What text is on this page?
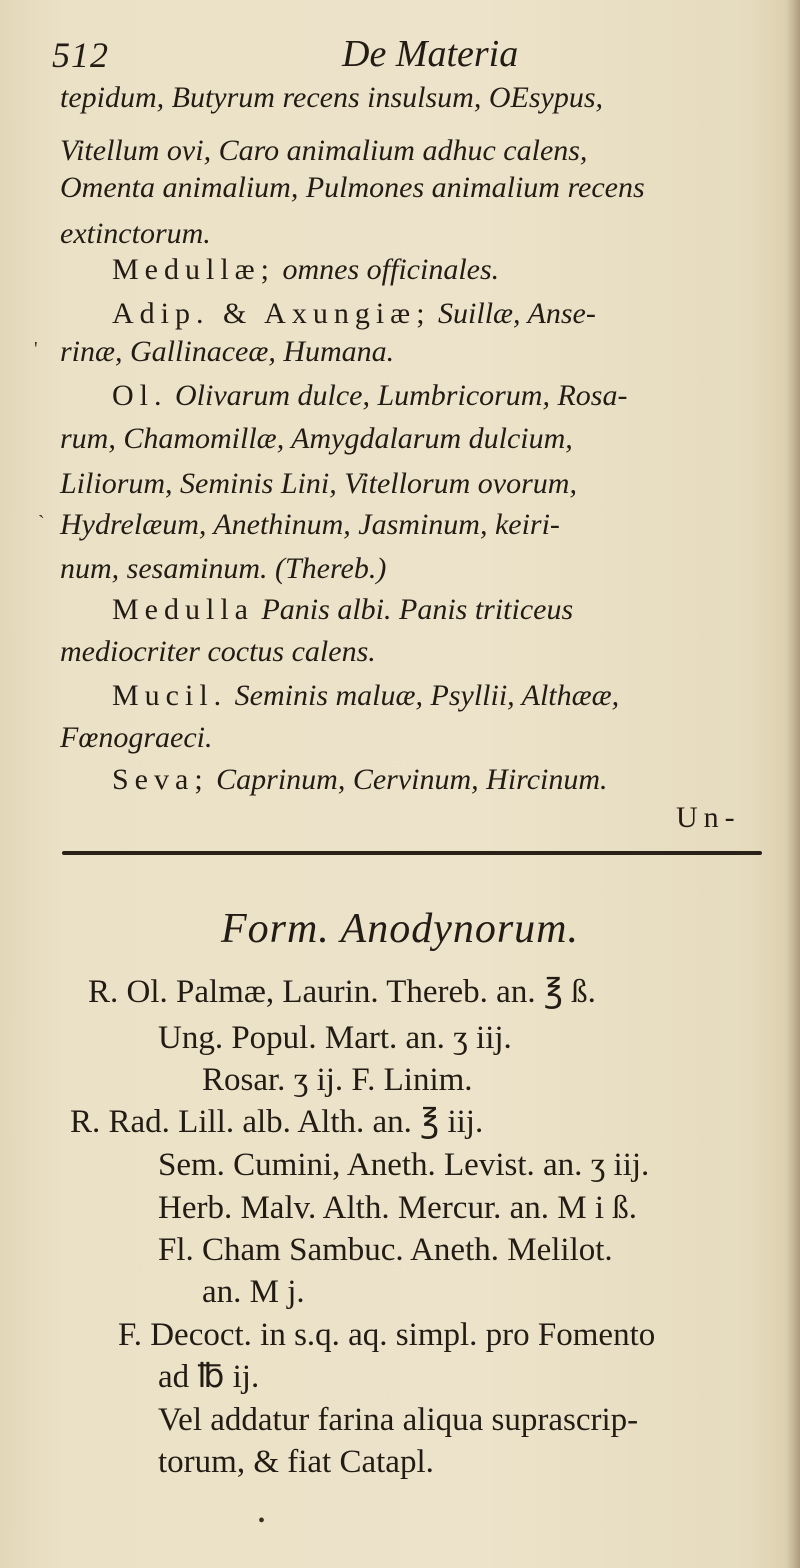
512	De Materia
tepidum, Butyrum recens insulsum, OEsypus,
Vitellum ovi, Caro animalium adhuc calens,
Omenta animalium, Pulmones animalium recens
extinctorum.
Medullæ; omnes officinales.
Adip. & Axungiæ; Suillæ, Anse-
rinæ, Gallinaceæ, Humana.
Ol. Olivarum dulce, Lumbricorum, Rosa-
rum, Chamomillæ, Amygdalarum dulcium,
Liliorum, Seminis Lini, Vitellorum ovorum,
Hydrelæum, Anethinum, Jasminum, keiri-
num, sesaminum. (Thereb.)
Medulla Panis albi. Panis triticeus
mediocriter coctus calens.
Mucil. Seminis maluæ, Psyllii, Althææ,
Fœnograeci.
Seva; Caprinum, Cervinum, Hircinum.
Un-
'
`
Form. Anodynorum.
R. Ol. Palmæ, Laurin. Thereb. an. ℥ ß.
Ung. Popul. Mart. an. ʒ iij.
Rosar. ʒ ij. F. Linim.
R. Rad. Lill. alb. Alth. an. ℥ iij.
Sem. Cumini, Aneth. Levist. an. ʒ iij.
Herb. Malv. Alth. Mercur. an. M i ß.
Fl. Cham Sambuc. Aneth. Melilot.
an. M j.
F. Decoct. in s.q. aq. simpl. pro Fomento
ad ℔ ij.
Vel addatur farina aliqua suprascrip-
torum, & fiat Catapl.
•
